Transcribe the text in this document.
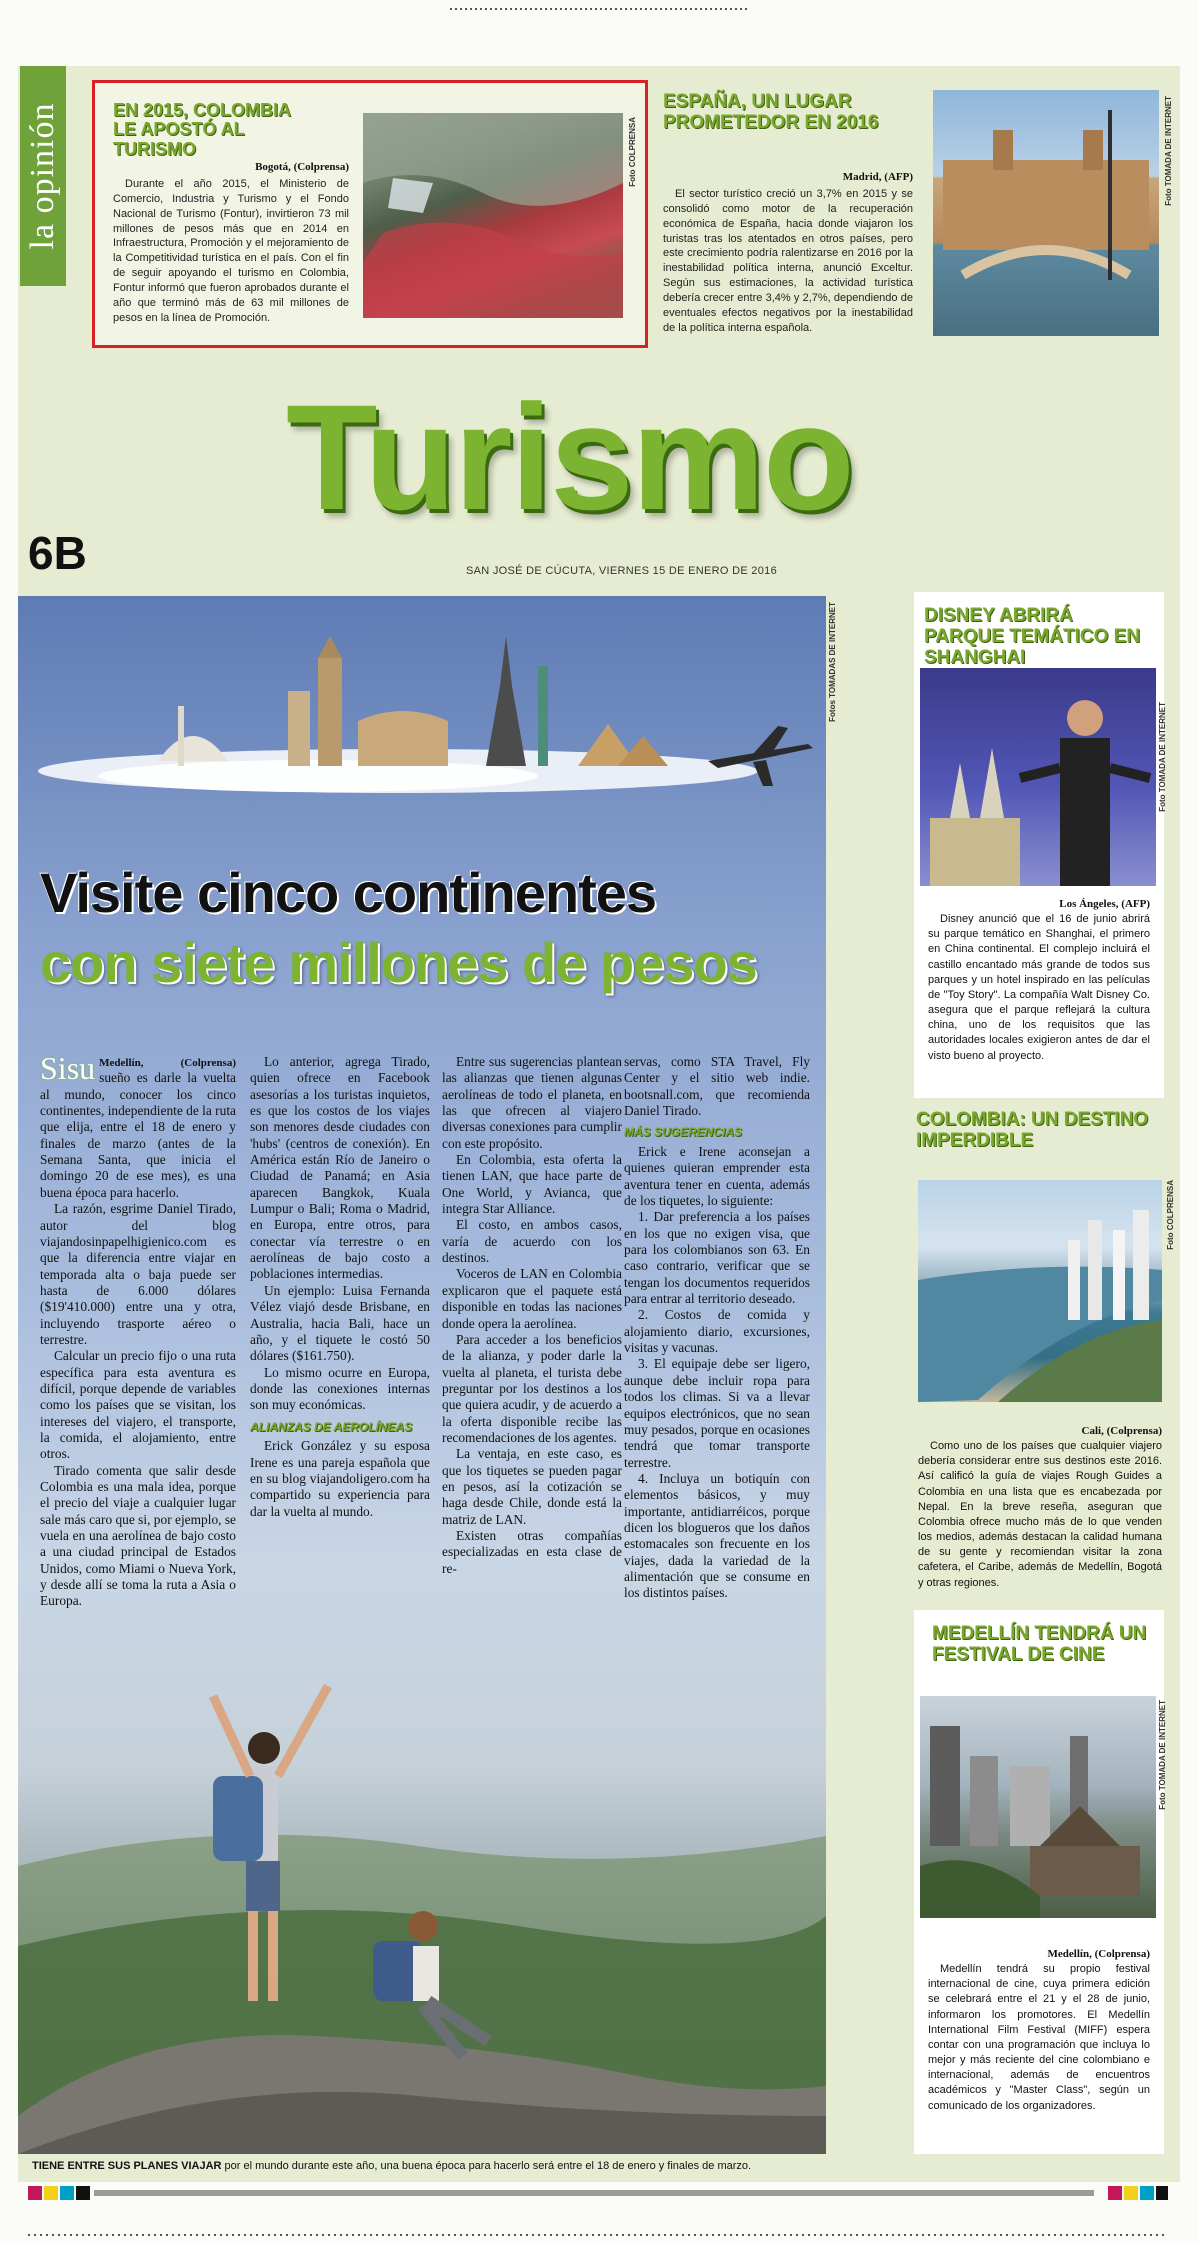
la opinión	EN 2015, COLOMBIA LE APOSTÓ AL TURISMO
Bogotá, (Colprensa)
Durante el año 2015, el Ministerio de Comercio, Industria y Turismo y el Fondo Nacional de Turismo (Fontur), invirtieron 73 mil millones de pesos más que en 2014 en Infraestructura, Promoción y el mejoramiento de la Competitividad turística en el país. Con el fin de seguir apoyando el turismo en Colombia, Fontur informó que fueron aprobados durante el año que terminó más de 63 mil millones de pesos en la línea de Promoción.
Foto COLPRENSA
ESPAÑA, UN LUGAR PROMETEDOR EN 2016
Madrid, (AFP)
El sector turístico creció un 3,7% en 2015 y se consolidó como motor de la recuperación económica de España, hacia donde viajaron los turistas tras los atentados en otros países, pero este crecimiento podría ralentizarse en 2016 por la inestabilidad política interna, anunció Exceltur. Según sus estimaciones, la actividad turística debería crecer entre 3,4% y 2,7%, dependiendo de eventuales efectos negativos por la inestabilidad de la política interna española.
Foto TOMADA DE INTERNET
Turismo
6B	SAN JOSÉ DE CÚCUTA, VIERNES 15 DE ENERO DE 2016
Fotos TOMADAS DE INTERNET
Visite cinco continentes
con siete millones de pesos
Sisu Medellín, (Colprensa) sueño es darle la vuelta al mundo, conocer los cinco continentes, independiente de la ruta que elija, entre el 18 de enero y finales de marzo (antes de la Semana Santa, que inicia el domingo 20 de ese mes), es una buena época para hacerlo.

La razón, esgrime Daniel Tirado, autor del blog viajandosinpapelhigienico.com es que la diferencia entre viajar en temporada alta o baja puede ser hasta de 6.000 dólares ($19'410.000) entre una y otra, incluyendo trasporte aéreo o terrestre.

Calcular un precio fijo o una ruta específica para esta aventura es difícil, porque depende de variables como los países que se visitan, los intereses del viajero, el transporte, la comida, el alojamiento, entre otros.

Tirado comenta que salir desde Colombia es una mala idea, porque el precio del viaje a cualquier lugar sale más caro que si, por ejemplo, se vuela en una aerolínea de bajo costo a una ciudad principal de Estados Unidos, como Miami o Nueva York, y desde allí se toma la ruta a Asia o Europa.

Lo anterior, agrega Tirado, quien ofrece en Facebook asesorías a los turistas inquietos, es que los costos de los viajes son menores desde ciudades con 'hubs' (centros de conexión). En América están Río de Janeiro o Ciudad de Panamá; en Asia aparecen Bangkok, Kuala Lumpur o Bali; Roma o Madrid, en Europa, entre otros, para conectar vía terrestre o en aerolíneas de bajo costo a poblaciones intermedias.

Un ejemplo: Luisa Fernanda Vélez viajó desde Brisbane, en Australia, hacia Bali, hace un año, y el tiquete le costó 50 dólares ($161.750).

Lo mismo ocurre en Europa, donde las conexiones internas son muy económicas.

ALIANZAS DE AEROLÍNEAS

Erick González y su esposa Irene es una pareja española que en su blog viajandoligero.com ha compartido su experiencia para dar la vuelta al mundo.

Entre sus sugerencias plantean las alianzas que tienen algunas aerolíneas de todo el planeta, en las que ofrecen al viajero diversas conexiones para cumplir con este propósito.

En Colombia, esta oferta la tienen LAN, que hace parte de One World, y Avianca, que integra Star Alliance.

El costo, en ambos casos, varía de acuerdo con los destinos.

Voceros de LAN en Colombia explicaron que el paquete está disponible en todas las naciones donde opera la aerolínea.

Para acceder a los beneficios de la alianza, y poder darle la vuelta al planeta, el turista debe preguntar por los destinos a los que quiera acudir, y de acuerdo a la oferta disponible recibe las recomendaciones de los agentes.

La ventaja, en este caso, es que los tiquetes se pueden pagar en pesos, así la cotización se haga desde Chile, donde está la matriz de LAN.

Existen otras compañías especializadas en esta clase de re-

servas, como STA Travel, Fly Center y el sitio web indie. bootsnall.com, que recomienda Daniel Tirado.

MÁS SUGERENCIAS

Erick e Irene aconsejan a quienes quieran emprender esta aventura tener en cuenta, además de los tiquetes, lo siguiente:

1. Dar preferencia a los países en los que no exigen visa, que para los colombianos son 63. En caso contrario, verificar que se tengan los documentos requeridos para entrar al territorio deseado.

2. Costos de comida y alojamiento diario, excursiones, visitas y vacunas.

3. El equipaje debe ser ligero, aunque debe incluir ropa para todos los climas. Si va a llevar equipos electrónicos, que no sean muy pesados, porque en ocasiones tendrá que tomar transporte terrestre.

4. Incluya un botiquín con elementos básicos, y muy importante, antidiarréicos, porque dicen los blogueros que los daños estomacales son frecuente en los viajes, dada la variedad de la alimentación que se consume en los distintos países.

TIENE ENTRE SUS PLANES VIAJAR por el mundo durante este año, una buena época para hacerlo será entre el 18 de enero y finales de marzo.
DISNEY ABRIRÁ PARQUE TEMÁTICO EN SHANGHAI
Foto TOMADA DE INTERNET
Los Ángeles, (AFP)

Disney anunció que el 16 de junio abrirá su parque temático en Shanghai, el primero en China continental. El complejo incluirá el castillo encantado más grande de todos sus parques y un hotel inspirado en las películas de "Toy Story". La compañía Walt Disney Co. asegura que el parque reflejará la cultura china, uno de los requisitos que las autoridades locales exigieron antes de dar el visto bueno al proyecto.

COLOMBIA: UN DESTINO IMPERDIBLE
Foto COLPRENSA
Cali, (Colprensa)

Como uno de los países que cualquier viajero debería considerar entre sus destinos este 2016. Así calificó la guía de viajes Rough Guides a Colombia en una lista que es encabezada por Nepal. En la breve reseña, aseguran que Colombia ofrece mucho más de lo que venden los medios, además destacan la calidad humana de su gente y recomiendan visitar la zona cafetera, el Caribe, además de Medellín, Bogotá y otras regiones.

MEDELLÍN TENDRÁ UN FESTIVAL DE CINE
Foto TOMADA DE INTERNET
Medellín, (Colprensa)

Medellín tendrá su propio festival internacional de cine, cuya primera edición se celebrará entre el 21 y el 28 de junio, informaron los promotores. El Medellín International Film Festival (MIFF) espera contar con una programación que incluya lo mejor y más reciente del cine colombiano e internacional, además de encuentros académicos y "Master Class", según un comunicado de los organizadores.
